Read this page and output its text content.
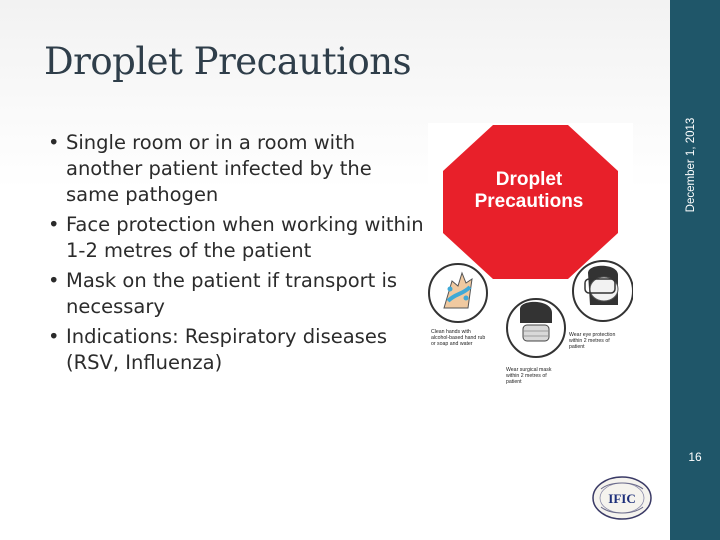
Droplet Precautions
• Single room or in a room with another patient infected by the same pathogen
• Face protection when working within 1-2 metres of the patient
• Mask on the patient if transport is necessary
• Indications: Respiratory diseases (RSV, Influenza)
Droplet
Precautions
Clean hands with
alcohol-based hand rub
or soap and water
Wear eye protection
within 2 metres of
patient
Wear surgical mask
within 2 metres of
patient
December 1, 2013
16
IFIC
